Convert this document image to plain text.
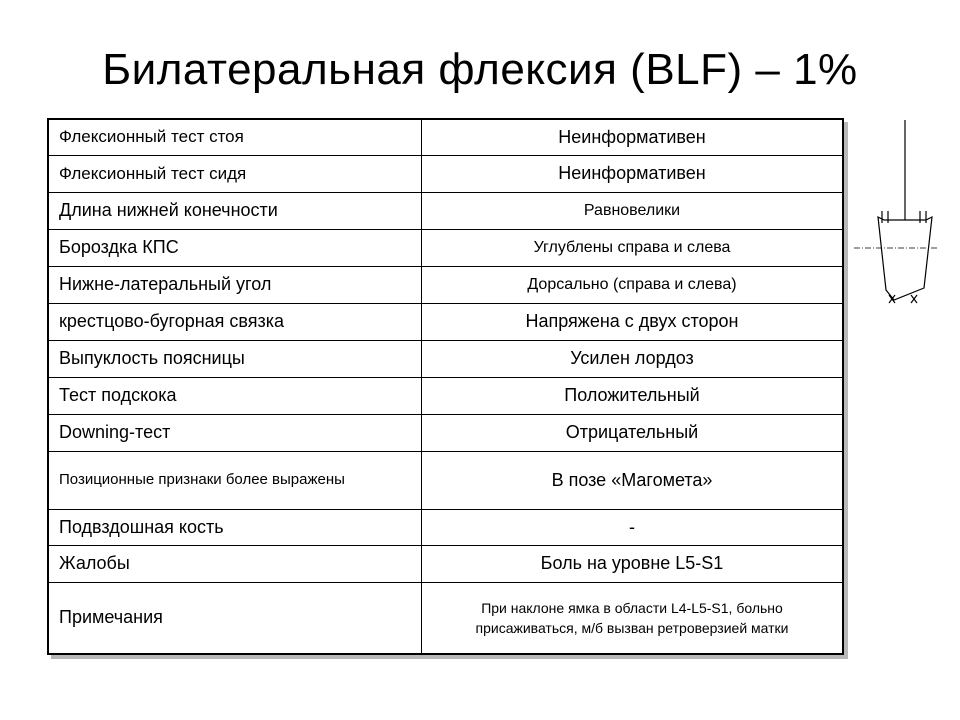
Билатеральная флексия (BLF) – 1%
Флексионный тест стоя	Неинформативен
Флексионный тест сидя	Неинформативен
Длина нижней конечности	Равновелики
Бороздка КПС	Углублены справа и слева
Нижне-латеральный угол	Дорсально (справа и слева)
крестцово-бугорная связка	Напряжена с двух сторон
Выпуклость поясницы	Усилен лордоз
Тест подскока	Положительный
Downing-тест	Отрицательный
Позиционные признаки более выражены	В позе «Магомета»
Подвздошная кость	-
Жалобы	Боль на уровне L5-S1
Примечания	При наклоне ямка в области L4-L5-S1, больно присаживаться, м/б вызван ретроверзией матки
